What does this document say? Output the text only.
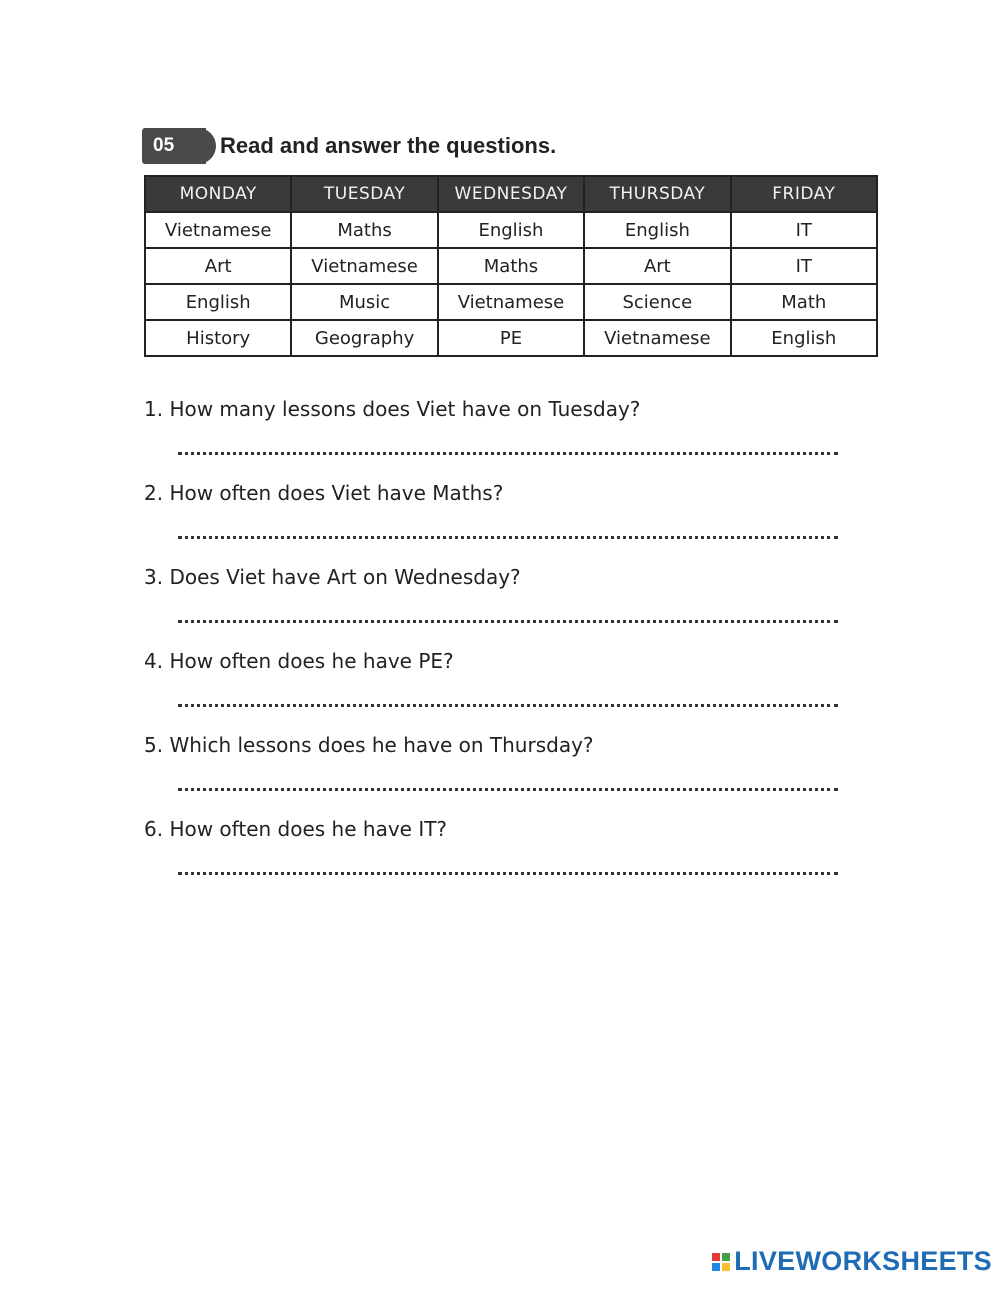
05	Read and answer the questions.
MONDAY	TUESDAY	WEDNESDAY	THURSDAY	FRIDAY
Vietnamese	Maths	English	English	IT
Art	Vietnamese	Maths	Art	IT
English	Music	Vietnamese	Science	Math
History	Geography	PE	Vietnamese	English
1. How many lessons does Viet have on Tuesday?
2. How often does Viet have Maths?
3. Does Viet have Art on Wednesday?
4. How often does he have PE?
5. Which lessons does he have on Thursday?
6. How often does he have IT?
LIVEWORKSHEETS
